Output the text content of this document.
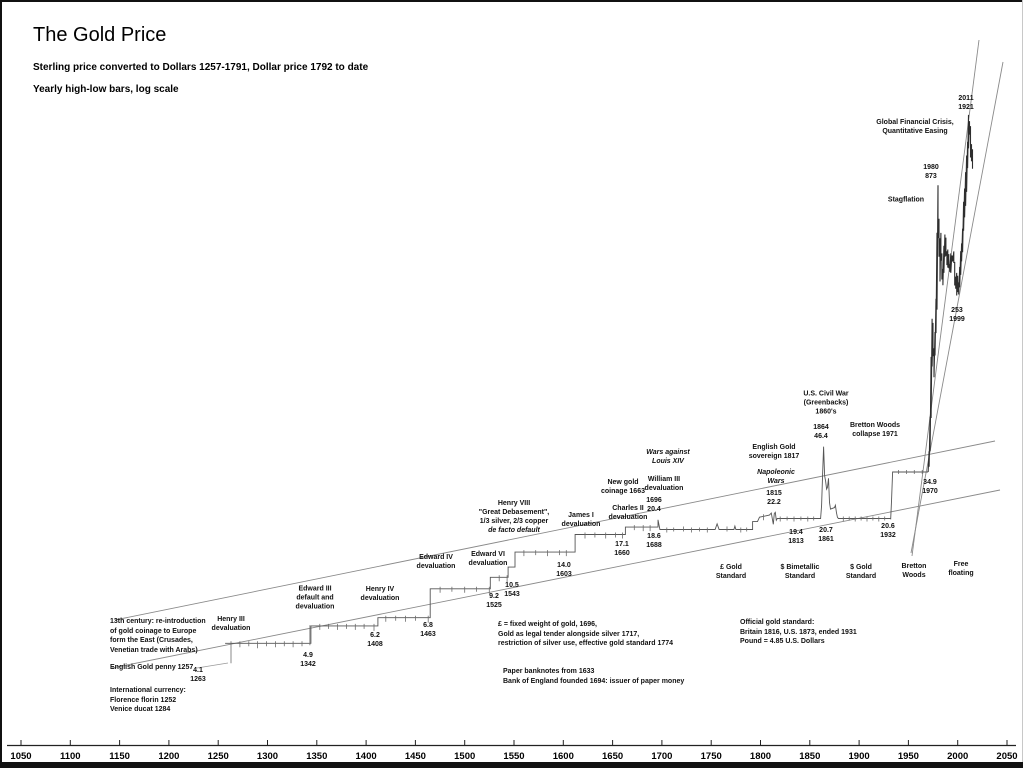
The Gold Price
Sterling price converted to Dollars 1257-1791, Dollar price 1792 to date
Yearly high-low bars, log scale
1050	1100	1150	1200	1250	1300	1350	1400	1450	1500	1550	1600	1650	1700	1750	1800	1850	1900	1950	2000	2050
2011
1921
Global Financial Crisis,
Quantitative Easing
1980
873
Stagflation
253
1999
U.S. Civil War
(Greenbacks)
1860's
1864
46.4
Bretton Woods
collapse 1971
English Gold
sovereign 1817
Napoleonic
Wars
1815
22.2
19.4
1813
20.7
1861
20.6
1932
34.9
1970
Wars against
Louis XIV
New gold
coinage 1663
William III
devaluation
1696
20.4
Charles II
devaluation
James I
devaluation
17.1
1660
18.6
1688
Henry VIII
"Great Debasement",
1/3 silver, 2/3 copper
de facto default
Edward VI
devaluation	14.0
1603
10.5
1543
9.2
1525
Edward IV
devaluation
Henry IV
devaluation
Edward III
default and
devaluation
6.8
1463
6.2
1408
Henry III
devaluation
4.9
1342
4.1
1263
£ Gold
Standard
$ Bimetallic
Standard
$ Gold
Standard
Bretton
Woods
Free
floating
13th century: re-introduction
of gold coinage to Europe
form the East (Crusades,
Venetian trade with Arabs)
English Gold penny 1257
International currency:
Florence florin 1252
Venice ducat 1284
£ = fixed weight of gold, 1696,
Gold as legal tender alongside silver 1717,
restriction of silver use, effective gold standard 1774
Paper banknotes from 1633
Bank of England founded 1694: issuer of paper money
Official gold standard:
Britain 1816, U.S. 1873, ended 1931
Pound = 4.85 U.S. Dollars
